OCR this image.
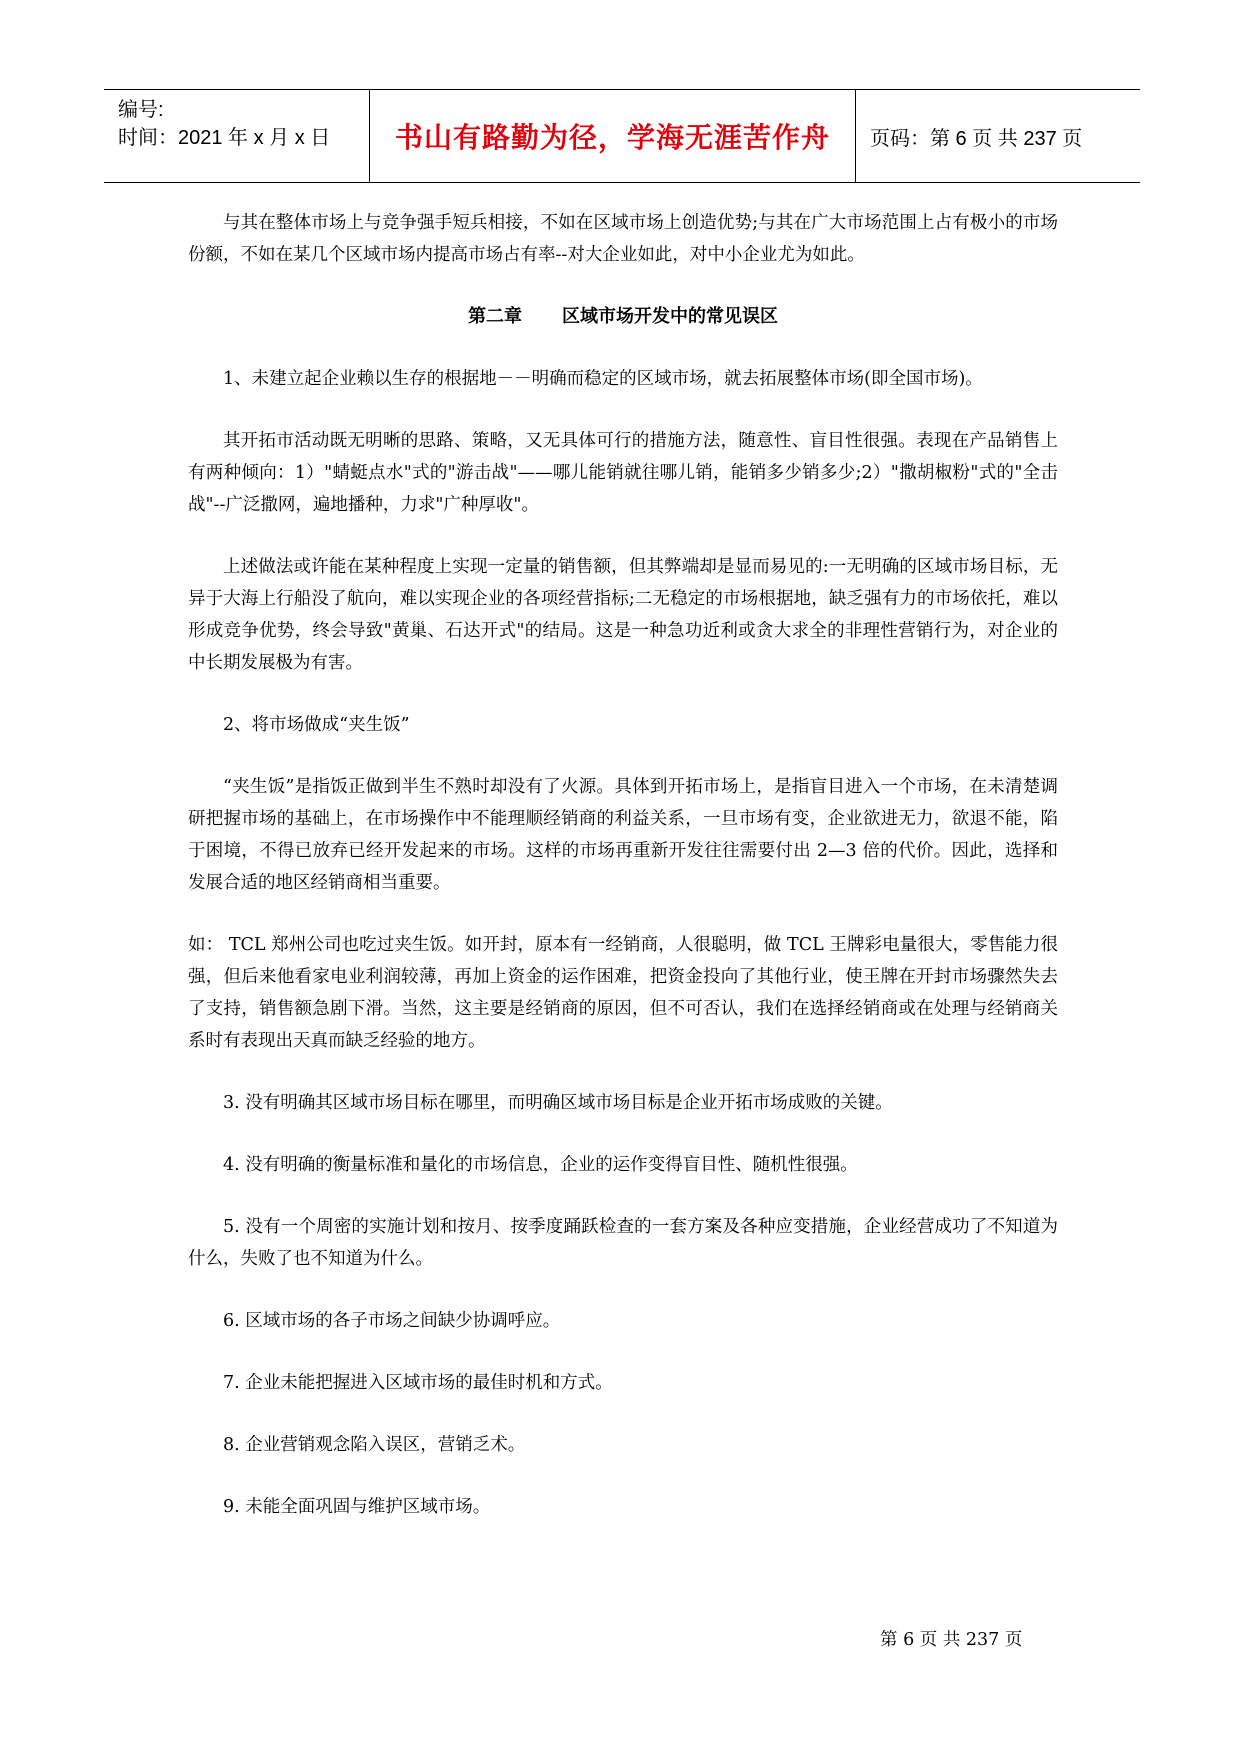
编号:
时间：2021 年 x 月 x 日	书山有路勤为径，学海无涯苦作舟 页码：第 6 页 共 237 页

与其在整体市场上与竞争强手短兵相接，不如在区域市场上创造优势;与其在广大市场范围上占有极小的市场份额，不如在某几个区域市场内提高市场占有率--对大企业如此，对中小企业尤为如此。

第二章 区域市场开发中的常见误区

1、未建立起企业赖以生存的根据地－－明确而稳定的区域市场，就去拓展整体市场(即全国市场)。

其开拓市活动既无明晰的思路、策略，又无具体可行的措施方法，随意性、盲目性很强。表现在产品销售上有两种倾向：1）"蜻蜓点水"式的"游击战"——哪儿能销就往哪儿销，能销多少销多少;2）"撒胡椒粉"式的"全击战"--广泛撒网，遍地播种，力求"广种厚收"。

上述做法或许能在某种程度上实现一定量的销售额，但其弊端却是显而易见的:一无明确的区域市场目标，无异于大海上行船没了航向，难以实现企业的各项经营指标;二无稳定的市场根据地，缺乏强有力的市场依托，难以形成竞争优势，终会导致"黄巢、石达开式"的结局。这是一种急功近利或贪大求全的非理性营销行为，对企业的中长期发展极为有害。

2、将市场做成“夹生饭”

“夹生饭”是指饭正做到半生不熟时却没有了火源。具体到开拓市场上，是指盲目进入一个市场，在未清楚调研把握市场的基础上，在市场操作中不能理顺经销商的利益关系，一旦市场有变，企业欲进无力，欲退不能，陷于困境，不得已放弃已经开发起来的市场。这样的市场再重新开发往往需要付出 2—3 倍的代价。因此，选择和发展合适的地区经销商相当重要。

如： TCL 郑州公司也吃过夹生饭。如开封，原本有一经销商，人很聪明，做 TCL 王牌彩电量很大，零售能力很强，但后来他看家电业利润较薄，再加上资金的运作困难，把资金投向了其他行业，使王牌在开封市场骤然失去了支持，销售额急剧下滑。当然，这主要是经销商的原因，但不可否认，我们在选择经销商或在处理与经销商关系时有表现出天真而缺乏经验的地方。

3. 没有明确其区域市场目标在哪里，而明确区域市场目标是企业开拓市场成败的关键。

4. 没有明确的衡量标准和量化的市场信息，企业的运作变得盲目性、随机性很强。

5. 没有一个周密的实施计划和按月、按季度踊跃检查的一套方案及各种应变措施，企业经营成功了不知道为什么，失败了也不知道为什么。

6. 区域市场的各子市场之间缺少协调呼应。

7. 企业未能把握进入区域市场的最佳时机和方式。

8. 企业营销观念陷入误区，营销乏术。

9. 未能全面巩固与维护区域市场。

第 6 页 共 237 页
